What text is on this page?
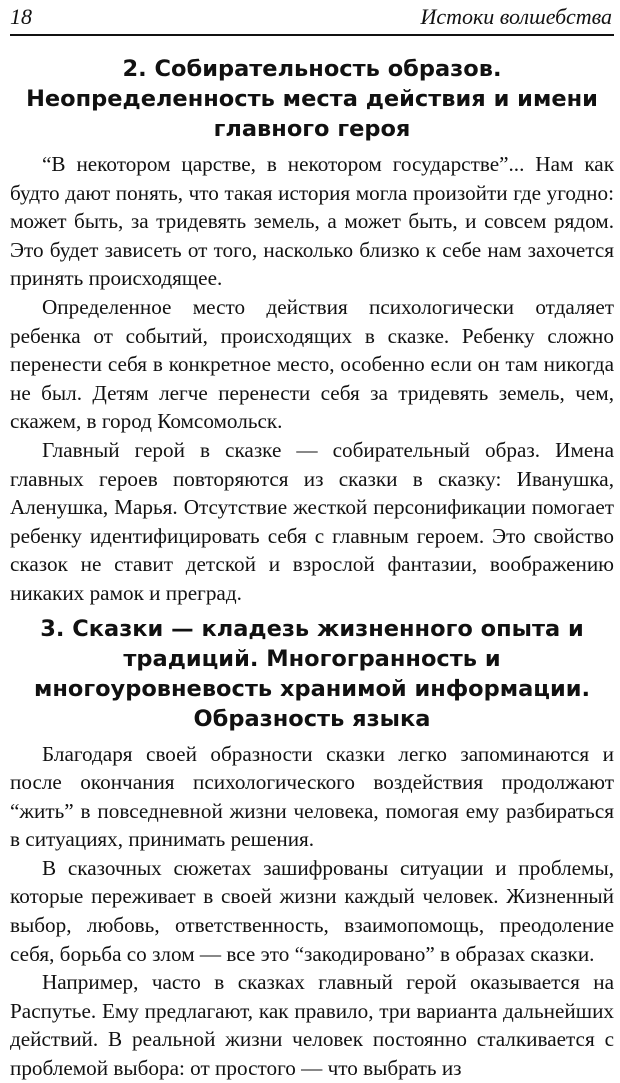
18	Истоки волшебства
2. Собирательность образов.
Неопределенность места действия и имени
главного героя

“В некотором царстве, в некотором государстве”... Нам как будто дают понять, что такая история могла произойти где угодно: может быть, за тридевять земель, а может быть, и совсем рядом. Это будет зависеть от того, насколько близко к себе нам захочется принять происходящее.

Определенное место действия психологически отдаляет ребенка от событий, происходящих в сказке. Ребенку сложно перенести себя в конкретное место, особенно если он там никогда не был. Детям легче перенести себя за тридевять земель, чем, скажем, в город Комсомольск.

Главный герой в сказке — собирательный образ. Имена главных героев повторяются из сказки в сказку: Иванушка, Аленушка, Марья. Отсутствие жесткой персонификации помогает ребенку идентифицировать себя с главным героем. Это свойство сказок не ставит детской и взрослой фантазии, воображению никаких рамок и преград.

3. Сказки — кладезь жизненного опыта и
традиций. Многогранность и
многоуровневость хранимой информации.
Образность языка

Благодаря своей образности сказки легко запоминаются и после окончания психологического воздействия продолжают “жить” в повседневной жизни человека, помогая ему разбираться в ситуациях, принимать решения.

В сказочных сюжетах зашифрованы ситуации и проблемы, которые переживает в своей жизни каждый человек. Жизненный выбор, любовь, ответственность, взаимопомощь, преодоление себя, борьба со злом — все это “закодировано” в образах сказки.

Например, часто в сказках главный герой оказывается на Распутье. Ему предлагают, как правило, три варианта дальнейших действий. В реальной жизни человек постоянно сталкивается с проблемой выбора: от простого — что выбрать из
